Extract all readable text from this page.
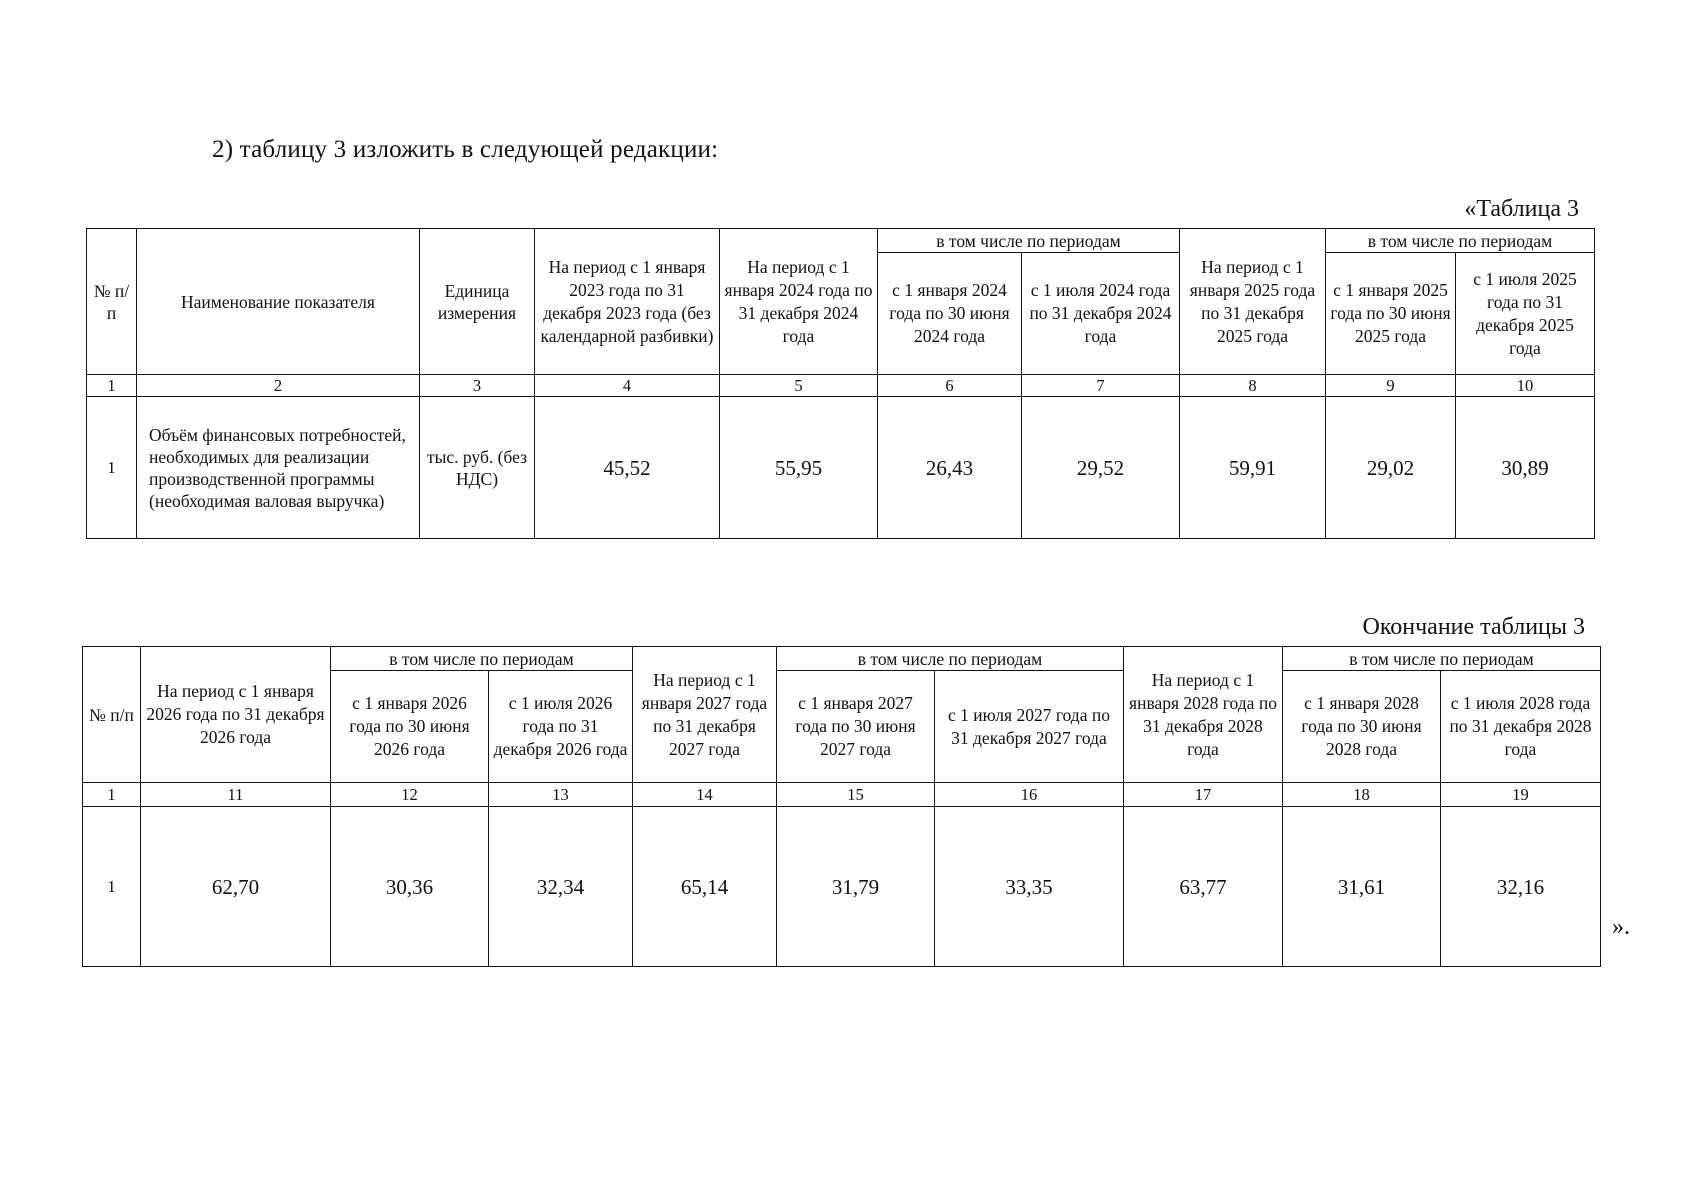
2) таблицу 3 изложить в следующей редакции:
«Таблица 3
№ п/п	Наименование показателя	Единица измерения	На период с 1 января 2023 года по 31 декабря 2023 года (без календарной разбивки)	На период с 1 января 2024 года по 31 декабря 2024 года	в том числе по периодам		На период с 1 января 2025 года по 31 декабря 2025 года	в том числе по периодам	
					с 1 января 2024 года по 30 июня 2024 года	с 1 июля 2024 года по 31 декабря 2024 года		с 1 января 2025 года по 30 июня 2025 года	с 1 июля 2025 года по 31 декабря 2025 года
1	2	3	4	5	6	7	8	9	10
1	Объём финансовых потребностей, необходимых для реализации производственной программы (необходимая валовая выручка)	тыс. руб. (без НДС)	45,52	55,95	26,43	29,52	59,91	29,02	30,89
Окончание таблицы 3
№ п/п	На период с 1 января 2026 года по 31 декабря 2026 года	в том числе по периодам		На период с 1 января 2027 года по 31 декабря 2027 года	в том числе по периодам		На период с 1 января 2028 года по 31 декабря 2028 года	в том числе по периодам	
		с 1 января 2026 года по 30 июня 2026 года	с 1 июля 2026 года по 31 декабря 2026 года		с 1 января 2027 года по 30 июня 2027 года	с 1 июля 2027 года по 31 декабря 2027 года		с 1 января 2028 года по 30 июня 2028 года	с 1 июля 2028 года по 31 декабря 2028 года
1	11	12	13	14	15	16	17	18	19
1	62,70	30,36	32,34	65,14	31,79	33,35	63,77	31,61	32,16
».
